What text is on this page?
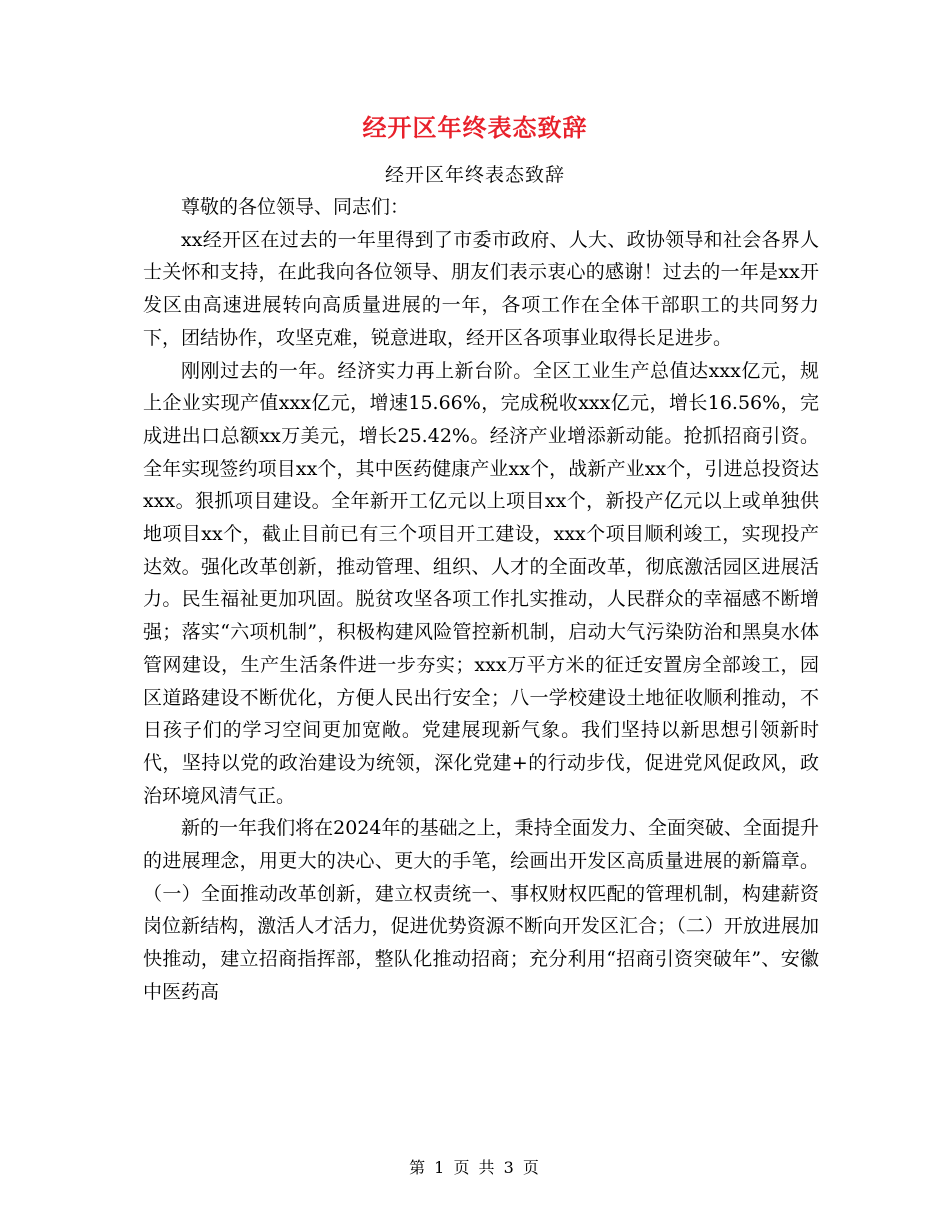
经开区年终表态致辞
经开区年终表态致辞

尊敬的各位领导、同志们：

xx经开区在过去的一年里得到了市委市政府、人大、政协领导和社会各界人士关怀和支持，在此我向各位领导、朋友们表示衷心的感谢！过去的一年是xx开发区由高速进展转向高质量进展的一年，各项工作在全体干部职工的共同努力下，团结协作，攻坚克难，锐意进取，经开区各项事业取得长足进步。

刚刚过去的一年。经济实力再上新台阶。全区工业生产总值达xxx亿元，规上企业实现产值xxx亿元，增速15.66%，完成税收xxx亿元，增长16.56%，完成进出口总额xx万美元，增长25.42%。经济产业增添新动能。抢抓招商引资。全年实现签约项目xx个，其中医药健康产业xx个，战新产业xx个，引进总投资达xxx。狠抓项目建设。全年新开工亿元以上项目xx个，新投产亿元以上或单独供地项目xx个，截止目前已有三个项目开工建设，xxx个项目顺利竣工，实现投产达效。强化改革创新，推动管理、组织、人才的全面改革，彻底激活园区进展活力。民生福祉更加巩固。脱贫攻坚各项工作扎实推动，人民群众的幸福感不断增强；落实“六项机制”，积极构建风险管控新机制，启动大气污染防治和黑臭水体管网建设，生产生活条件进一步夯实；xxx万平方米的征迁安置房全部竣工，园区道路建设不断优化，方便人民出行安全；八一学校建设土地征收顺利推动，不日孩子们的学习空间更加宽敞。党建展现新气象。我们坚持以新思想引领新时代，坚持以党的政治建设为统领，深化党建+的行动步伐，促进党风促政风，政治环境风清气正。

新的一年我们将在2024年的基础之上，秉持全面发力、全面突破、全面提升的进展理念，用更大的决心、更大的手笔，绘画出开发区高质量进展的新篇章。（一）全面推动改革创新，建立权责统一、事权财权匹配的管理机制，构建薪资岗位新结构，激活人才活力，促进优势资源不断向开发区汇合；（二）开放进展加快推动，建立招商指挥部，整队化推动招商；充分利用“招商引资突破年”、安徽中医药高

第 1 页 共 3 页
